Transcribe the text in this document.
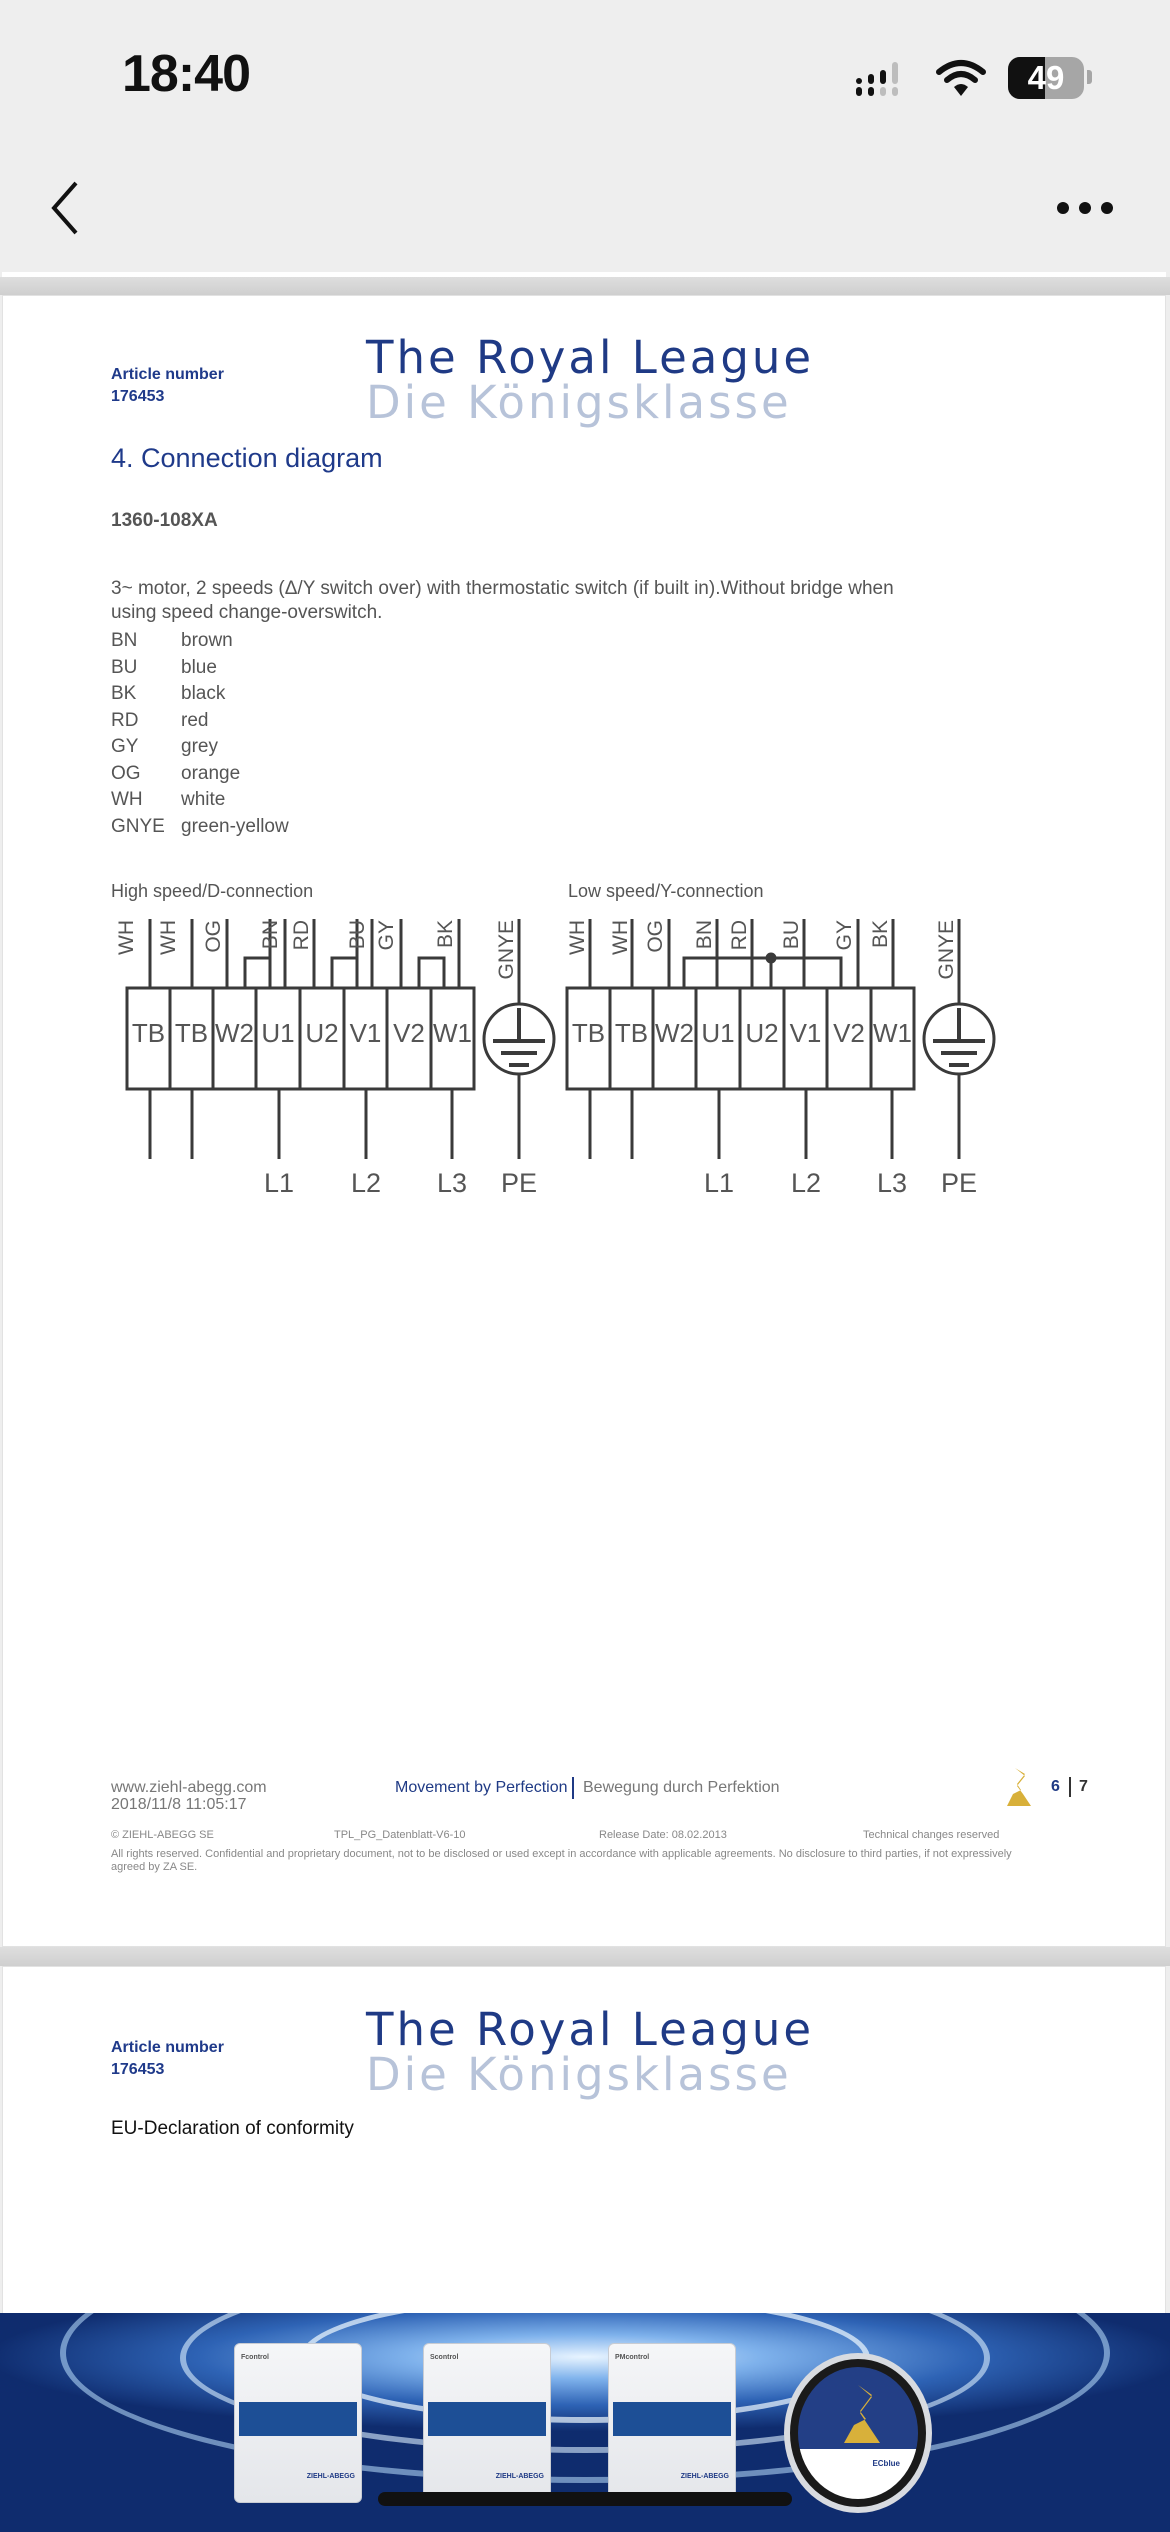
18:40	49
Article number
176453
The Royal League
Die Königsklasse
4. Connection diagram
1360-108XA
3~ motor, 2 speeds (Δ/Y switch over) with thermostatic switch (if built in).Without bridge when using speed change-overswitch.
BN brown
BU blue
BK black
RD red
GY grey
OG orange
WH white
GNYE green-yellow
High speed/D-connection	Low speed/Y-connection
TB TB W2 U1 U2 V1 V2 W1	TB TB W2 U1 U2 V1 V2 W1
WH WH OG BN RD BU GY BK GNYE WH WH OG BN RD BU GY BK GNYE
L1 L2 L3 PE	L1 L2 L3 PE
www.ziehl-abegg.com
2018/11/8 11:05:17
Movement by Perfection Bewegung durch Perfektion	6 7
© ZIEHL-ABEGG SE	TPL_PG_Datenblatt-V6-10	Release Date: 08.02.2013	Technical changes reserved
All rights reserved. Confidential and proprietary document, not to be disclosed or used except in accordance with applicable agreements. No disclosure to third parties, if not expressively agreed by ZA SE.
Article number
176453
The Royal League
Die Königsklasse
EU-Declaration of conformity
Fcontrol
ZIEHL-ABEGG
Scontrol
ZIEHL-ABEGG
PMcontrol
ZIEHL-ABEGG
ECblue
